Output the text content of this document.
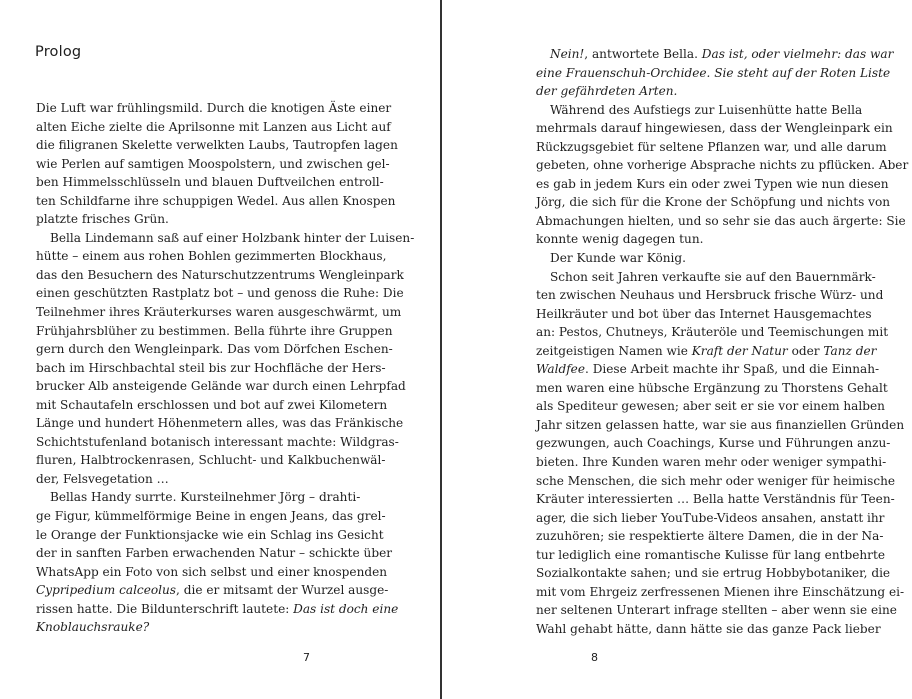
Prolog
Die Luft war frühlingsmild. Durch die knotigen Äste einer
alten Eiche zielte die Aprilsonne mit Lanzen aus Licht auf
die filigranen Skelette verwelkten Laubs, Tautropfen lagen
wie Perlen auf samtigen Moospolstern, und zwischen gel-
ben Himmelsschlüsseln und blauen Duftveilchen entroll-
ten Schildfarne ihre schuppigen Wedel. Aus allen Knospen
platzte frisches Grün.
Bella Lindemann saß auf einer Holzbank hinter der Luisen-
hütte – einem aus rohen Bohlen gezimmerten Blockhaus,
das den Besuchern des Naturschutzzentrums Wengleinpark
einen geschützten Rastplatz bot – und genoss die Ruhe: Die
Teilnehmer ihres Kräuterkurses waren ausgeschwärmt, um
Frühjahrsblüher zu bestimmen. Bella führte ihre Gruppen
gern durch den Wengleinpark. Das vom Dörfchen Eschen-
bach im Hirschbachtal steil bis zur Hochfläche der Hers-
brucker Alb ansteigende Gelände war durch einen Lehrpfad
mit Schautafeln erschlossen und bot auf zwei Kilometern
Länge und hundert Höhenmetern alles, was das Fränkische
Schichtstufenland botanisch interessant machte: Wildgras-
fluren, Halbtrockenrasen, Schlucht- und Kalkbuchenwäl-
der, Felsvegetation …
Bellas Handy surrte. Kursteilnehmer Jörg – drahti-
ge Figur, kümmelförmige Beine in engen Jeans, das grel-
le Orange der Funktionsjacke wie ein Schlag ins Gesicht
der in sanften Farben erwachenden Natur – schickte über
WhatsApp ein Foto von sich selbst und einer knospenden
Cypripedium calceolus, die er mitsamt der Wurzel ausge-
rissen hatte. Die Bildunterschrift lautete: Das ist doch eine
Knoblauchsrauke?
7
Nein!, antwortete Bella. Das ist, oder vielmehr: das war
eine Frauenschuh-Orchidee. Sie steht auf der Roten Liste
der gefährdeten Arten.
Während des Aufstiegs zur Luisenhütte hatte Bella
mehrmals darauf hingewiesen, dass der Wengleinpark ein
Rückzugsgebiet für seltene Pflanzen war, und alle darum
gebeten, ohne vorherige Absprache nichts zu pflücken. Aber
es gab in jedem Kurs ein oder zwei Typen wie nun diesen
Jörg, die sich für die Krone der Schöpfung und nichts von
Abmachungen hielten, und so sehr sie das auch ärgerte: Sie
konnte wenig dagegen tun.
Der Kunde war König.
Schon seit Jahren verkaufte sie auf den Bauernmärk-
ten zwischen Neuhaus und Hersbruck frische Würz- und
Heilkräuter und bot über das Internet Hausgemachtes
an: Pestos, Chutneys, Kräuteröle und Teemischungen mit
zeitgeistigen Namen wie Kraft der Natur oder Tanz der
Waldfee. Diese Arbeit machte ihr Spaß, und die Einnah-
men waren eine hübsche Ergänzung zu Thorstens Gehalt
als Spediteur gewesen; aber seit er sie vor einem halben
Jahr sitzen gelassen hatte, war sie aus finanziellen Gründen
gezwungen, auch Coachings, Kurse und Führungen anzu-
bieten. Ihre Kunden waren mehr oder weniger sympathi-
sche Menschen, die sich mehr oder weniger für heimische
Kräuter interessierten … Bella hatte Verständnis für Teen-
ager, die sich lieber YouTube-Videos ansahen, anstatt ihr
zuzuhören; sie respektierte ältere Damen, die in der Na-
tur lediglich eine romantische Kulisse für lang entbehrte
Sozialkontakte sahen; und sie ertrug Hobbybotaniker, die
mit vom Ehrgeiz zerfressenen Mienen ihre Einschätzung ei-
ner seltenen Unterart infrage stellten – aber wenn sie eine
Wahl gehabt hätte, dann hätte sie das ganze Pack lieber
8
